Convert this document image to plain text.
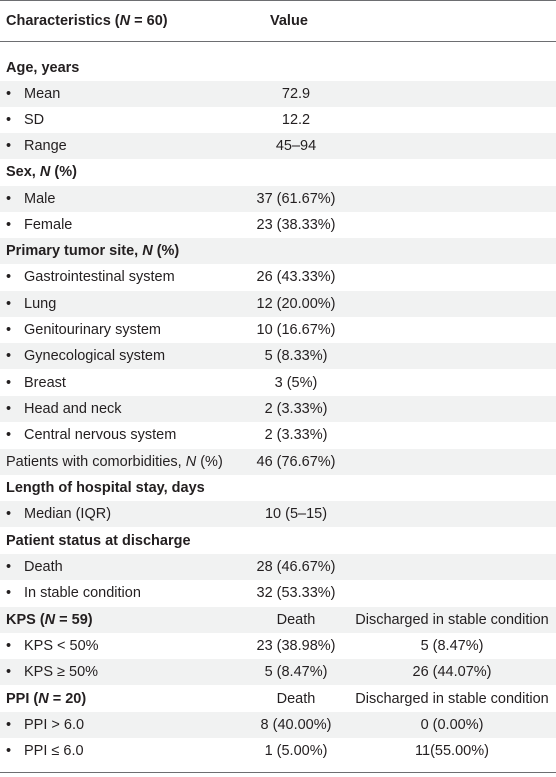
Characteristics (N = 60)	Value
Age, years
• Mean	72.9
• SD	12.2
• Range	45–94
Sex, N (%)
• Male	37 (61.67%)
• Female	23 (38.33%)
Primary tumor site, N (%)
• Gastrointestinal system	26 (43.33%)
• Lung	12 (20.00%)
• Genitourinary system	10 (16.67%)
• Gynecological system	5 (8.33%)
• Breast	3 (5%)
• Head and neck	2 (3.33%)
• Central nervous system	2 (3.33%)
Patients with comorbidities, N (%)	46 (76.67%)
Length of hospital stay, days
• Median (IQR)	10 (5–15)
Patient status at discharge
• Death	28 (46.67%)
• In stable condition	32 (53.33%)
KPS (N = 59)	Death	Discharged in stable condition
• KPS < 50%	23 (38.98%)	5 (8.47%)
• KPS ≥ 50%	5 (8.47%)	26 (44.07%)
PPI (N = 20)	Death	Discharged in stable condition
• PPI > 6.0	8 (40.00%)	0 (0.00%)
• PPI ≤ 6.0	1 (5.00%)	11(55.00%)
